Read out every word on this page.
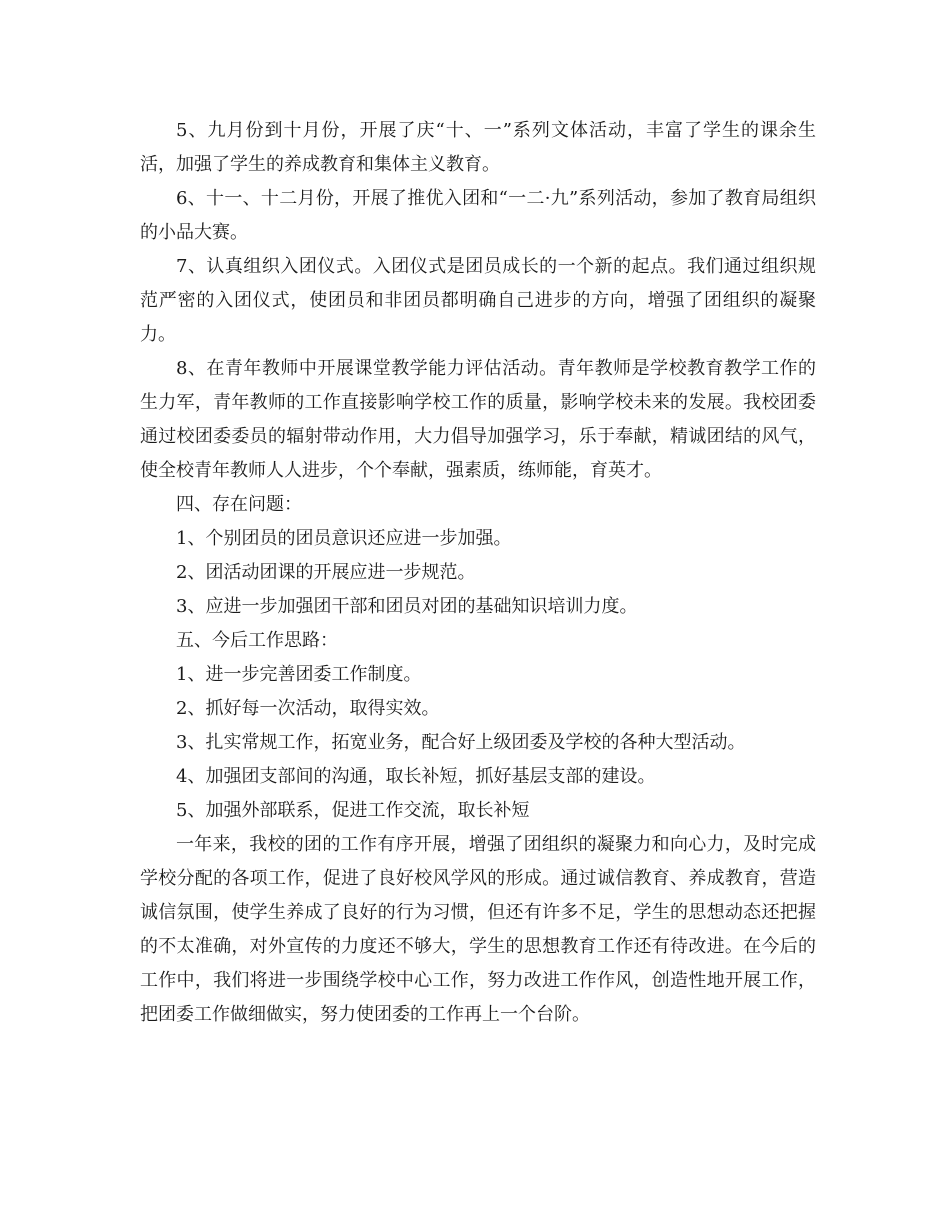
5、九月份到十月份，开展了庆“十、一”系列文体活动，丰富了学生的课余生活，加强了学生的养成教育和集体主义教育。

6、十一、十二月份，开展了推优入团和“一二·九”系列活动，参加了教育局组织的小品大赛。

7、认真组织入团仪式。入团仪式是团员成长的一个新的起点。我们通过组织规范严密的入团仪式，使团员和非团员都明确自己进步的方向，增强了团组织的凝聚力。

8、在青年教师中开展课堂教学能力评估活动。青年教师是学校教育教学工作的生力军，青年教师的工作直接影响学校工作的质量，影响学校未来的发展。我校团委通过校团委委员的辐射带动作用，大力倡导加强学习，乐于奉献，精诚团结的风气，使全校青年教师人人进步，个个奉献，强素质，练师能，育英才。

四、存在问题：

1、个别团员的团员意识还应进一步加强。

2、团活动团课的开展应进一步规范。

3、应进一步加强团干部和团员对团的基础知识培训力度。

五、今后工作思路：

1、进一步完善团委工作制度。

2、抓好每一次活动，取得实效。

3、扎实常规工作，拓宽业务，配合好上级团委及学校的各种大型活动。

4、加强团支部间的沟通，取长补短，抓好基层支部的建设。

5、加强外部联系，促进工作交流，取长补短

一年来，我校的团的工作有序开展，增强了团组织的凝聚力和向心力，及时完成学校分配的各项工作，促进了良好校风学风的形成。通过诚信教育、养成教育，营造诚信氛围，使学生养成了良好的行为习惯，但还有许多不足，学生的思想动态还把握的不太准确，对外宣传的力度还不够大，学生的思想教育工作还有待改进。在今后的工作中，我们将进一步围绕学校中心工作，努力改进工作作风，创造性地开展工作，把团委工作做细做实，努力使团委的工作再上一个台阶。
